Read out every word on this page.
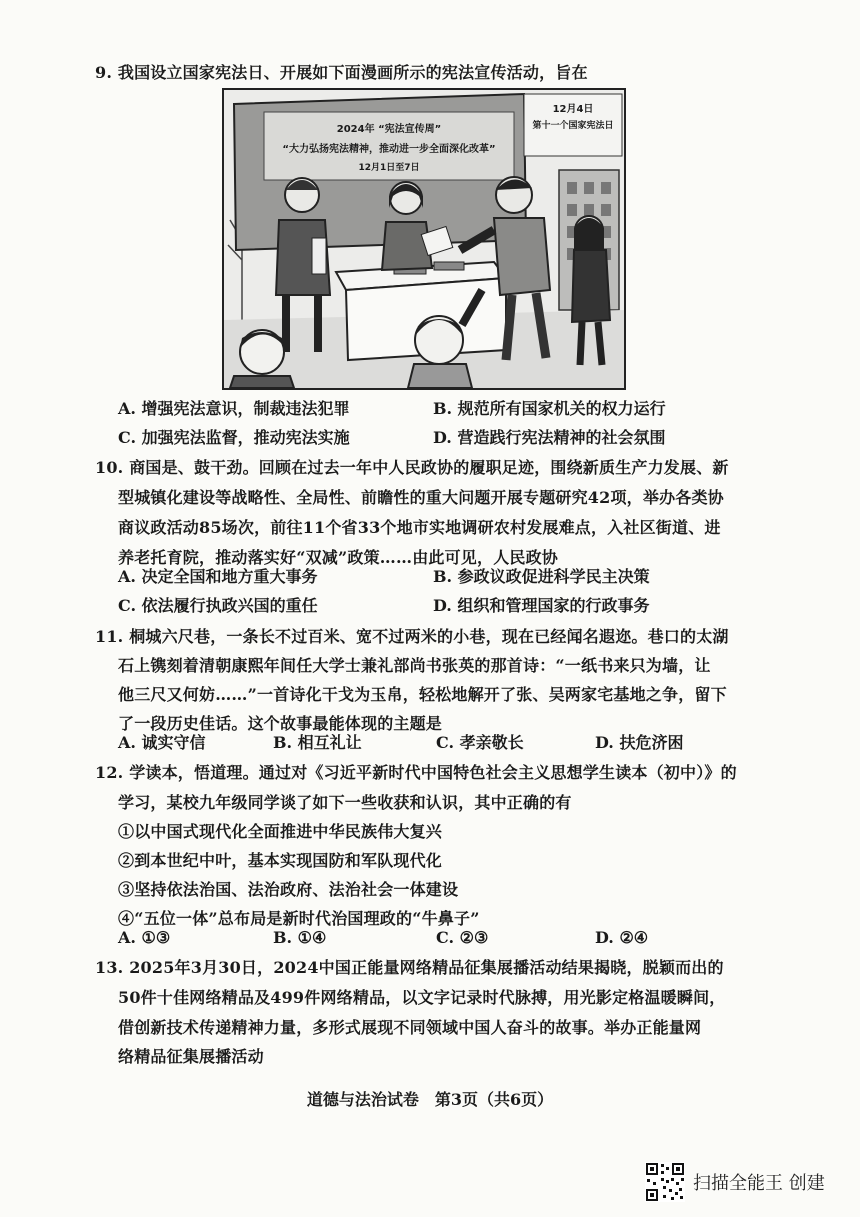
9. 我国设立国家宪法日、开展如下面漫画所示的宪法宣传活动，旨在
2024年 “宪法宣传周”
“大力弘扬宪法精神，推动进一步全面深化改革”
12月1日至7日
12月4日
第十一个国家宪法日
A. 增强宪法意识，制裁违法犯罪	B. 规范所有国家机关的权力运行
C. 加强宪法监督，推动宪法实施	D. 营造践行宪法精神的社会氛围
10. 商国是、鼓干劲。回顾在过去一年中人民政协的履职足迹，围绕新质生产力发展、新
型城镇化建设等战略性、全局性、前瞻性的重大问题开展专题研究42项，举办各类协
商议政活动85场次，前往11个省33个地市实地调研农村发展难点，入社区街道、进
养老托育院，推动落实好“双减”政策……由此可见，人民政协
A. 决定全国和地方重大事务	B. 参政议政促进科学民主决策
C. 依法履行执政兴国的重任	D. 组织和管理国家的行政事务
11. 桐城六尺巷，一条长不过百米、宽不过两米的小巷，现在已经闻名遐迩。巷口的太湖
石上镌刻着清朝康熙年间任大学士兼礼部尚书张英的那首诗：“一纸书来只为墙，让
他三尺又何妨……”一首诗化干戈为玉帛，轻松地解开了张、吴两家宅基地之争，留下
了一段历史佳话。这个故事最能体现的主题是
A. 诚实守信	B. 相互礼让	C. 孝亲敬长	D. 扶危济困
12. 学读本，悟道理。通过对《习近平新时代中国特色社会主义思想学生读本（初中）》的
学习，某校九年级同学谈了如下一些收获和认识，其中正确的有
①以中国式现代化全面推进中华民族伟大复兴
②到本世纪中叶，基本实现国防和军队现代化
③坚持依法治国、法治政府、法治社会一体建设
④“五位一体”总布局是新时代治国理政的“牛鼻子”
A. ①③	B. ①④	C. ②③	D. ②④
13. 2025年3月30日，2024中国正能量网络精品征集展播活动结果揭晓，脱颖而出的
50件十佳网络精品及499件网络精品，以文字记录时代脉搏，用光影定格温暖瞬间，
借创新技术传递精神力量，多形式展现不同领域中国人奋斗的故事。举办正能量网
络精品征集展播活动
道德与法治试卷　第3页（共6页）
扫描全能王 创建
